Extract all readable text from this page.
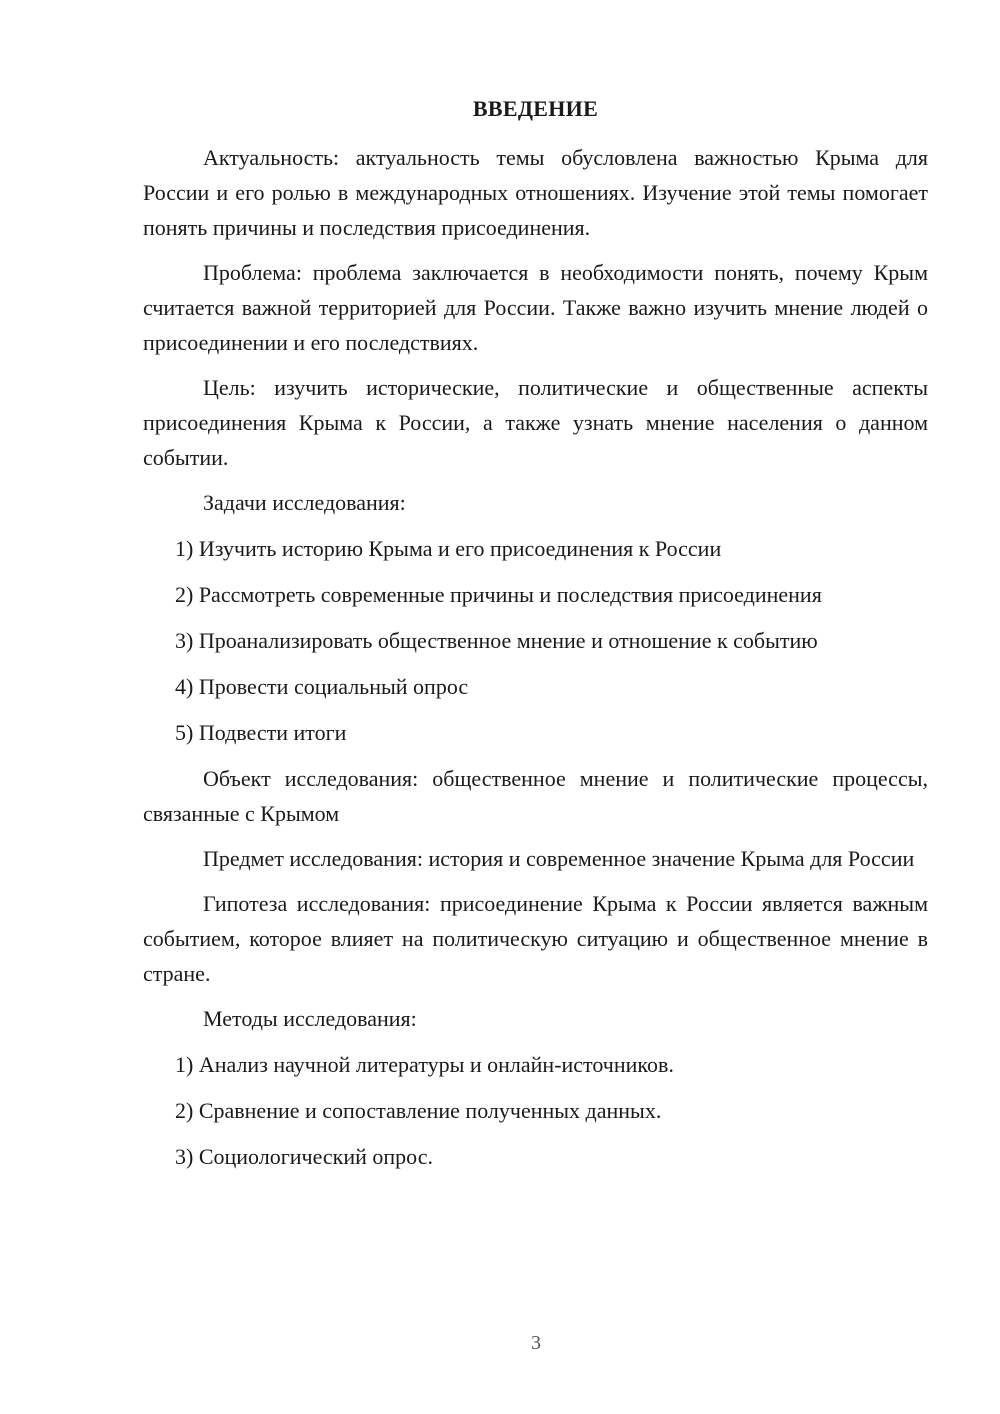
ВВЕДЕНИЕ

Актуальность: актуальность темы обусловлена важностью Крыма для России и его ролью в международных отношениях. Изучение этой темы помогает понять причины и последствия присоединения.

Проблема: проблема заключается в необходимости понять, почему Крым считается важной территорией для России. Также важно изучить мнение людей о присоединении и его последствиях.

Цель: изучить исторические, политические и общественные аспекты присоединения Крыма к России, а также узнать мнение населения о данном событии.

Задачи исследования:

1) Изучить историю Крыма и его присоединения к России

2) Рассмотреть современные причины и последствия присоединения

3) Проанализировать общественное мнение и отношение к событию

4) Провести социальный опрос

5) Подвести итоги

Объект исследования: общественное мнение и политические процессы, связанные с Крымом

Предмет исследования: история и современное значение Крыма для России

Гипотеза исследования: присоединение Крыма к России является важным событием, которое влияет на политическую ситуацию и общественное мнение в стране.

Методы исследования:

1) Анализ научной литературы и онлайн-источников.

2) Сравнение и сопоставление полученных данных.

3) Социологический опрос.

3
